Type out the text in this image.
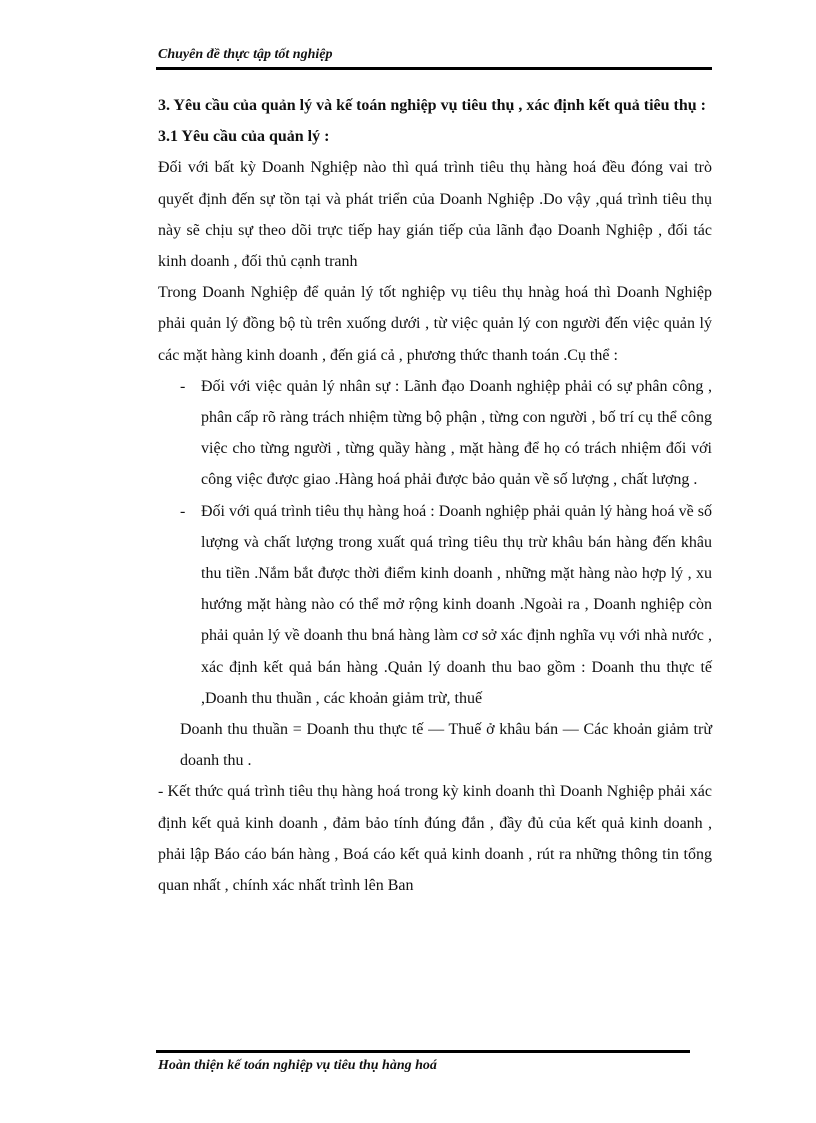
Chuyên đề thực tập tốt nghiệp

3. Yêu cầu của quản lý và kế toán nghiệp vụ tiêu thụ , xác định kết quả tiêu thụ :

3.1 Yêu cầu của quản lý :

Đối với bất kỳ Doanh Nghiệp nào thì quá trình tiêu thụ hàng hoá đều đóng vai trò quyết định đến sự tồn tại và phát triển của Doanh Nghiệp .Do vậy ,quá trình tiêu thụ này sẽ chịu sự theo dõi trực tiếp hay gián tiếp của lãnh đạo Doanh Nghiệp , đối tác kinh doanh , đối thủ cạnh tranh

Trong Doanh Nghiệp để quản lý tốt nghiệp vụ tiêu thụ hnàg hoá thì Doanh Nghiệp phải quản lý đồng bộ tù trên xuống dưới , từ việc quản lý con người đến việc quản lý các mặt hàng kinh doanh , đến giá cả , phương thức thanh toán .Cụ thể :

- Đối với việc quản lý nhân sự : Lãnh đạo Doanh nghiệp phải có sự phân công , phân cấp rõ ràng trách nhiệm từng bộ phận , từng con người , bố trí cụ thể công việc cho từng người , từng quầy hàng , mặt hàng để họ có trách nhiệm đối với công việc được giao .Hàng hoá phải được bảo quản về số lượng , chất lượng .
- Đối với quá trình tiêu thụ hàng hoá : Doanh nghiệp phải quản lý hàng hoá về số lượng và chất lượng trong xuất quá trìng tiêu thụ trừ khâu bán hàng đến khâu thu tiền .Nắm bắt được thời điểm kinh doanh , những mặt hàng nào hợp lý , xu hướng mặt hàng nào có thể mở rộng kinh doanh .Ngoài ra , Doanh nghiệp còn phải quản lý về doanh thu bná hàng làm cơ sở xác định nghĩa vụ với nhà nước , xác định kết quả bán hàng .Quản lý doanh thu bao gồm : Doanh thu thực tế ,Doanh thu thuần , các khoản giảm trừ, thuế

Doanh thu thuần = Doanh thu thực tế — Thuế ở khâu bán — Các khoản giảm trừ doanh thu .

- Kết thức quá trình tiêu thụ hàng hoá trong kỳ kinh doanh thì Doanh Nghiệp phải xác định kết quả kinh doanh , đảm bảo tính đúng đắn , đầy đủ của kết quả kinh doanh , phải lập Báo cáo bán hàng , Boá cáo kết quả kinh doanh , rút ra những thông tin tổng quan nhất , chính xác nhất trình lên Ban

Hoàn thiện kế toán nghiệp vụ tiêu thụ hàng hoá
